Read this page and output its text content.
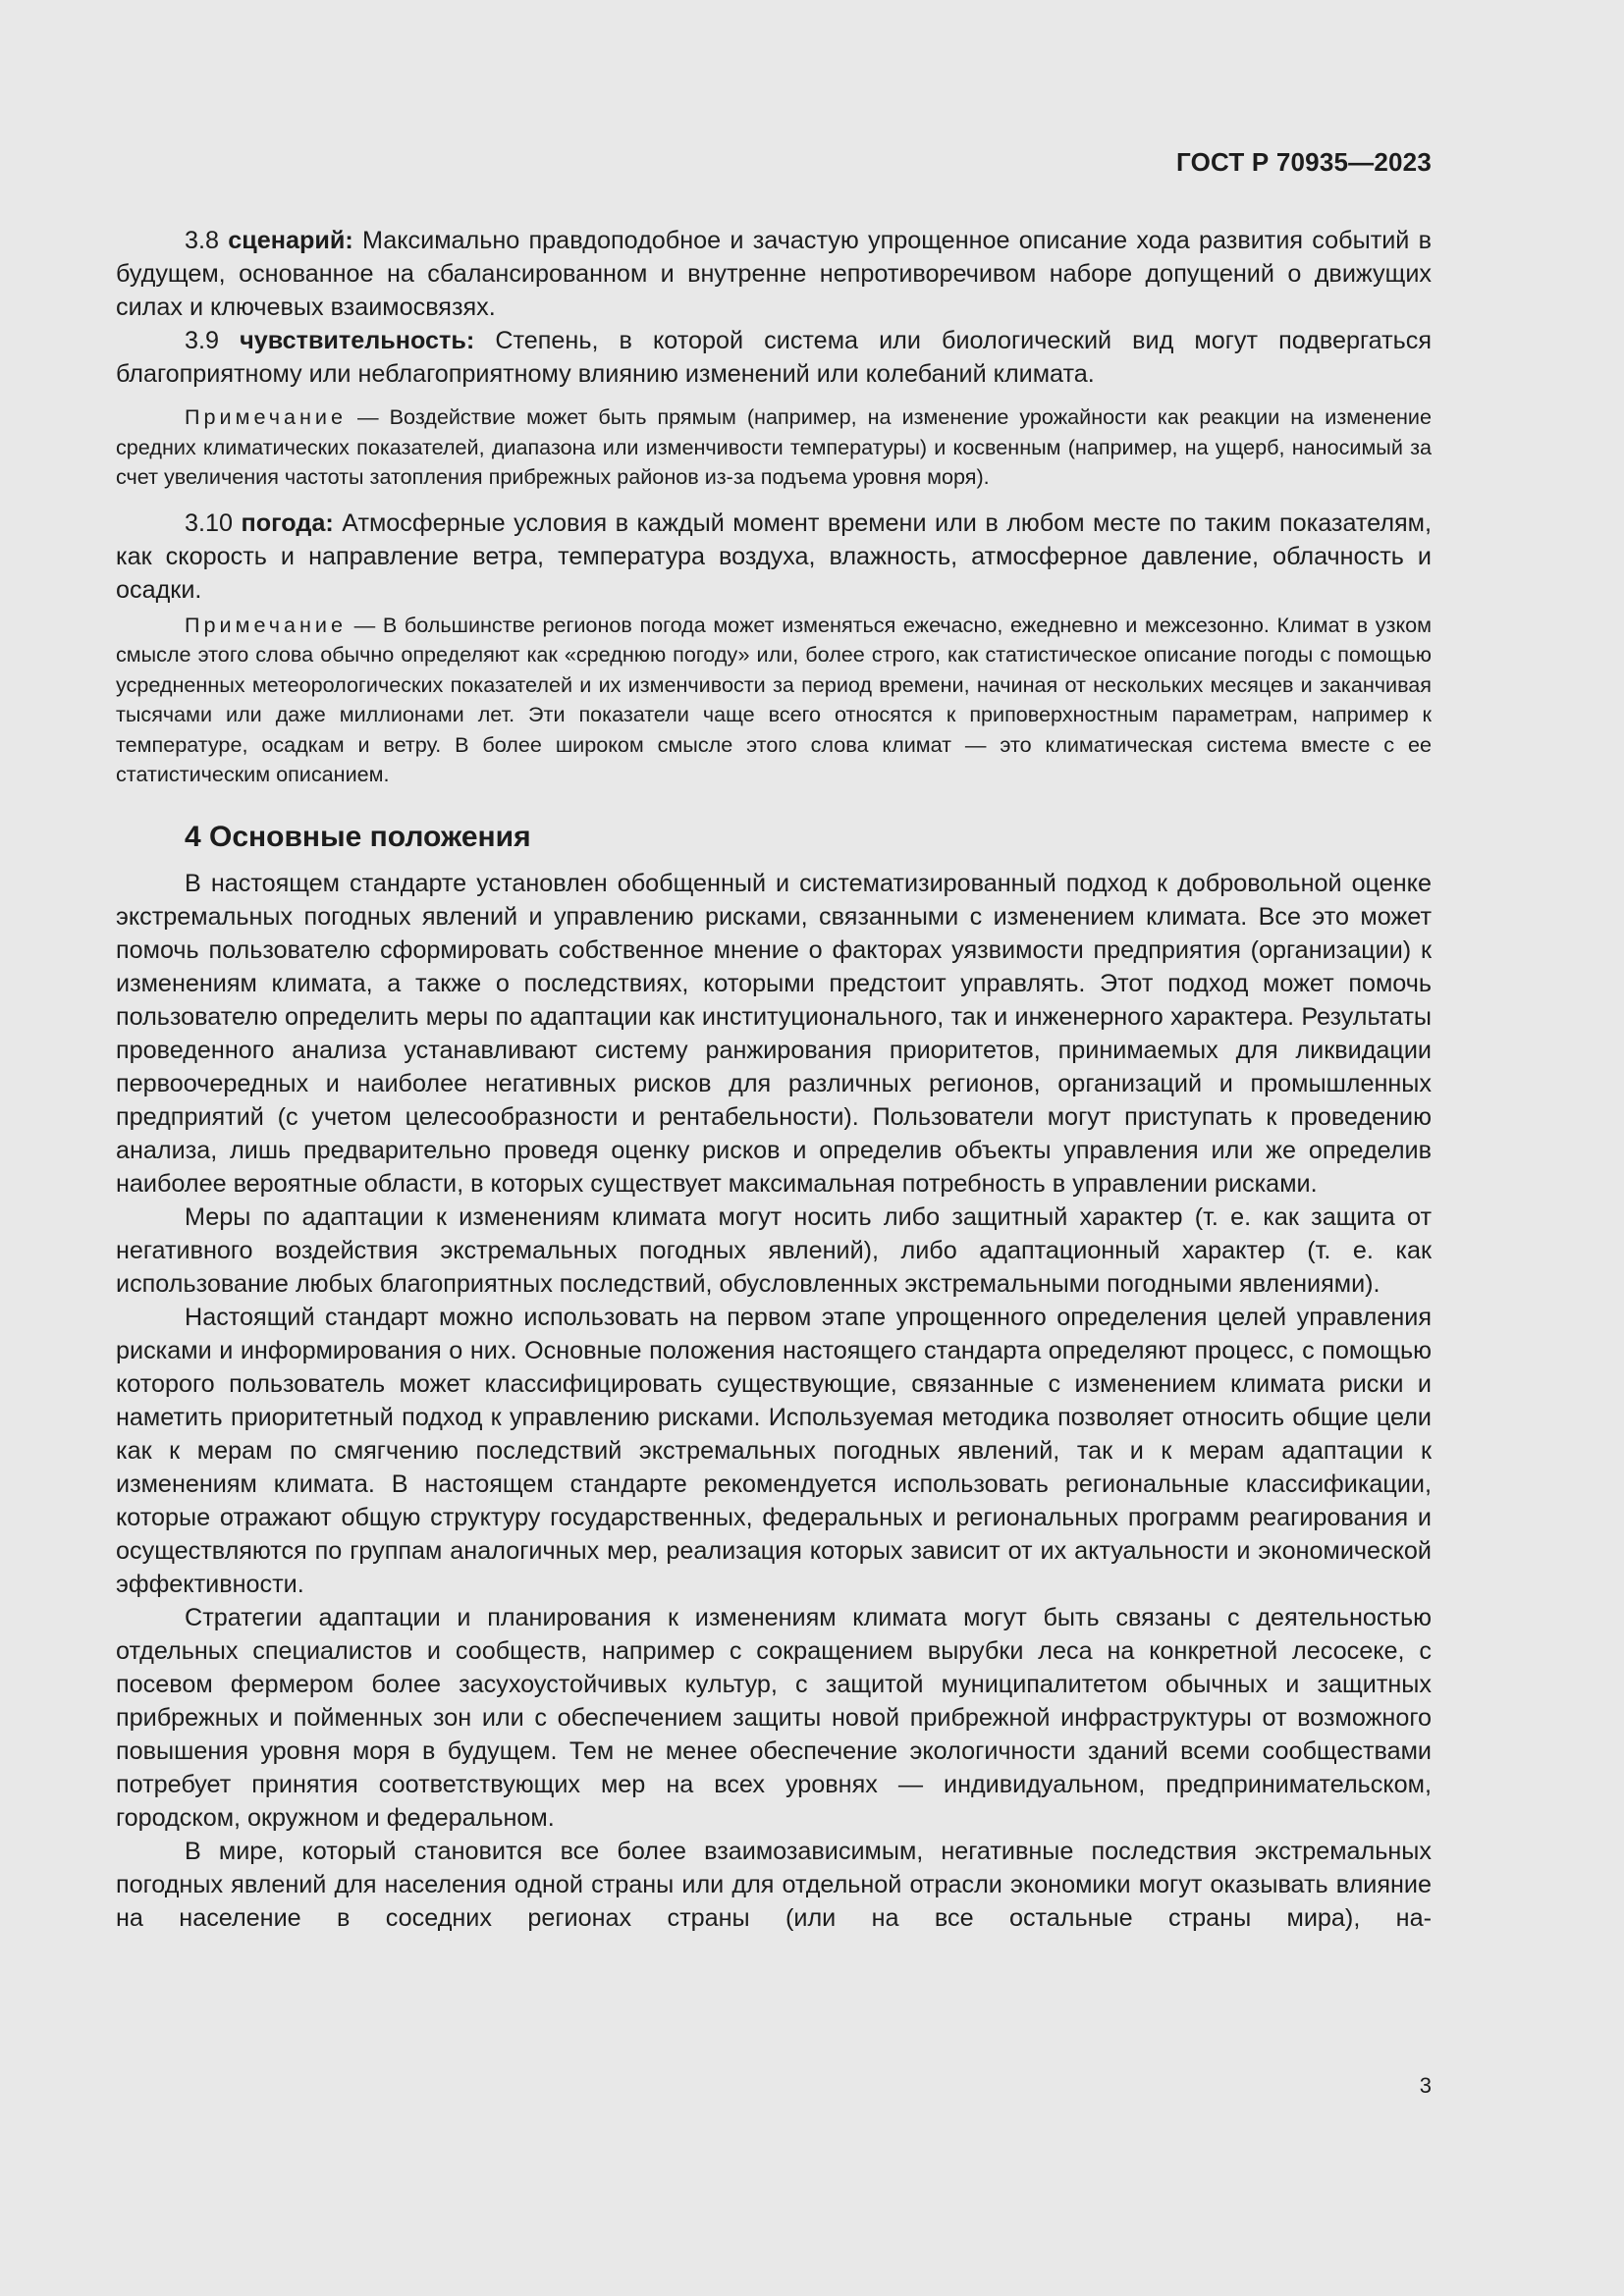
ГОСТ Р 70935—2023

3.8 сценарий: Максимально правдоподобное и зачастую упрощенное описание хода развития событий в будущем, основанное на сбалансированном и внутренне непротиворечивом наборе допущений о движущих силах и ключевых взаимосвязях.

3.9 чувствительность: Степень, в которой система или биологический вид могут подвергаться благоприятному или неблагоприятному влиянию изменений или колебаний климата.

Примечание — Воздействие может быть прямым (например, на изменение урожайности как реакции на изменение средних климатических показателей, диапазона или изменчивости температуры) и косвенным (например, на ущерб, наносимый за счет увеличения частоты затопления прибрежных районов из-за подъема уровня моря).

3.10 погода: Атмосферные условия в каждый момент времени или в любом месте по таким показателям, как скорость и направление ветра, температура воздуха, влажность, атмосферное давление, облачность и осадки.

Примечание — В большинстве регионов погода может изменяться ежечасно, ежедневно и межсезонно. Климат в узком смысле этого слова обычно определяют как «среднюю погоду» или, более строго, как статистическое описание погоды с помощью усредненных метеорологических показателей и их изменчивости за период времени, начиная от нескольких месяцев и заканчивая тысячами или даже миллионами лет. Эти показатели чаще всего относятся к приповерхностным параметрам, например к температуре, осадкам и ветру. В более широком смысле этого слова климат — это климатическая система вместе с ее статистическим описанием.

4 Основные положения

В настоящем стандарте установлен обобщенный и систематизированный подход к добровольной оценке экстремальных погодных явлений и управлению рисками, связанными с изменением климата. Все это может помочь пользователю сформировать собственное мнение о факторах уязвимости предприятия (организации) к изменениям климата, а также о последствиях, которыми предстоит управлять. Этот подход может помочь пользователю определить меры по адаптации как институционального, так и инженерного характера. Результаты проведенного анализа устанавливают систему ранжирования приоритетов, принимаемых для ликвидации первоочередных и наиболее негативных рисков для различных регионов, организаций и промышленных предприятий (с учетом целесообразности и рентабельности). Пользователи могут приступать к проведению анализа, лишь предварительно проведя оценку рисков и определив объекты управления или же определив наиболее вероятные области, в которых существует максимальная потребность в управлении рисками.

Меры по адаптации к изменениям климата могут носить либо защитный характер (т. е. как защита от негативного воздействия экстремальных погодных явлений), либо адаптационный характер (т. е. как использование любых благоприятных последствий, обусловленных экстремальными погодными явлениями).

Настоящий стандарт можно использовать на первом этапе упрощенного определения целей управления рисками и информирования о них. Основные положения настоящего стандарта определяют процесс, с помощью которого пользователь может классифицировать существующие, связанные с изменением климата риски и наметить приоритетный подход к управлению рисками. Используемая методика позволяет относить общие цели как к мерам по смягчению последствий экстремальных погодных явлений, так и к мерам адаптации к изменениям климата. В настоящем стандарте рекомендуется использовать региональные классификации, которые отражают общую структуру государственных, федеральных и региональных программ реагирования и осуществляются по группам аналогичных мер, реализация которых зависит от их актуальности и экономической эффективности.

Стратегии адаптации и планирования к изменениям климата могут быть связаны с деятельностью отдельных специалистов и сообществ, например с сокращением вырубки леса на конкретной лесосеке, с посевом фермером более засухоустойчивых культур, с защитой муниципалитетом обычных и защитных прибрежных и пойменных зон или с обеспечением защиты новой прибрежной инфраструктуры от возможного повышения уровня моря в будущем. Тем не менее обеспечение экологичности зданий всеми сообществами потребует принятия соответствующих мер на всех уровнях — индивидуальном, предпринимательском, городском, окружном и федеральном.

В мире, который становится все более взаимозависимым, негативные последствия экстремальных погодных явлений для населения одной страны или для отдельной отрасли экономики могут оказывать влияние на население в соседних регионах страны (или на все остальные страны мира), на-

3
